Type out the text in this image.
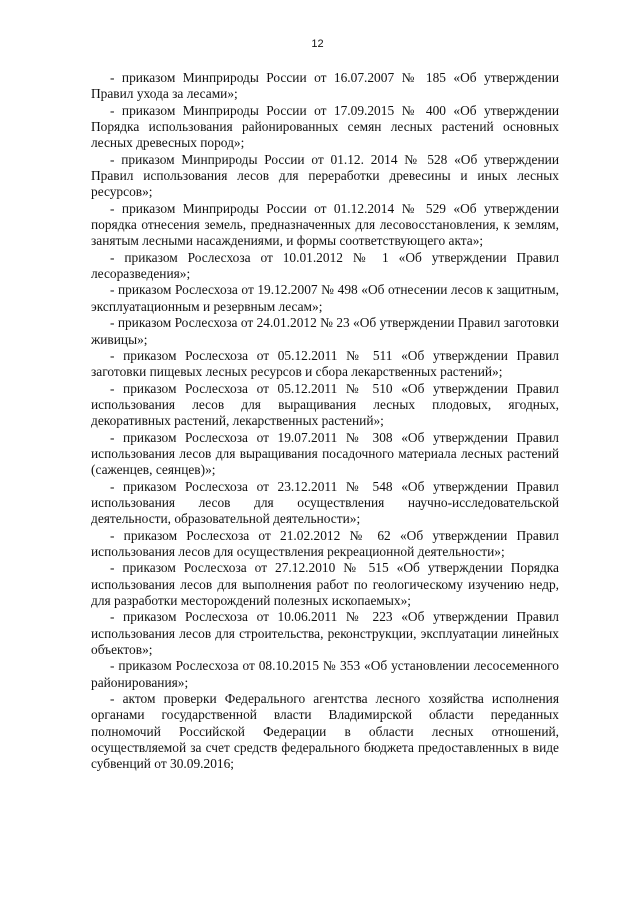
12

- приказом Минприроды России от 16.07.2007 № 185 «Об утверждении Правил ухода за лесами»;

- приказом Минприроды России от 17.09.2015 № 400 «Об утверждении Порядка использования районированных семян лесных растений основных лесных древесных пород»;

- приказом Минприроды России от 01.12. 2014 № 528 «Об утверждении Правил использования лесов для переработки древесины и иных лесных ресурсов»;

- приказом Минприроды России от 01.12.2014 № 529 «Об утверждении порядка отнесения земель, предназначенных для лесовосстановления, к землям, занятым лесными насаждениями, и формы соответствующего акта»;

- приказом Рослесхоза от 10.01.2012 № 1 «Об утверждении Правил лесоразведения»;

- приказом Рослесхоза от 19.12.2007 № 498 «Об отнесении лесов к защитным, эксплуатационным и резервным лесам»;

- приказом Рослесхоза от 24.01.2012 № 23 «Об утверждении Правил заготовки живицы»;

- приказом Рослесхоза от 05.12.2011 № 511 «Об утверждении Правил заготовки пищевых лесных ресурсов и сбора лекарственных растений»;

- приказом Рослесхоза от 05.12.2011 № 510 «Об утверждении Правил использования лесов для выращивания лесных плодовых, ягодных, декоративных растений, лекарственных растений»;

- приказом Рослесхоза от 19.07.2011 № 308 «Об утверждении Правил использования лесов для выращивания посадочного материала лесных растений (саженцев, сеянцев)»;

- приказом Рослесхоза от 23.12.2011 № 548 «Об утверждении Правил использования лесов для осуществления научно-исследовательской деятельности, образовательной деятельности»;

- приказом Рослесхоза от 21.02.2012 № 62 «Об утверждении Правил использования лесов для осуществления рекреационной деятельности»;

- приказом Рослесхоза от 27.12.2010 № 515 «Об утверждении Порядка использования лесов для выполнения работ по геологическому изучению недр, для разработки месторождений полезных ископаемых»;

- приказом Рослесхоза от 10.06.2011 № 223 «Об утверждении Правил использования лесов для строительства, реконструкции, эксплуатации линейных объектов»;

- приказом Рослесхоза от 08.10.2015 № 353 «Об установлении лесосеменного районирования»;

- актом проверки Федерального агентства лесного хозяйства исполнения органами государственной власти Владимирской области переданных полномочий Российской Федерации в области лесных отношений, осуществляемой за счет средств федерального бюджета предоставленных в виде субвенций от 30.09.2016;
